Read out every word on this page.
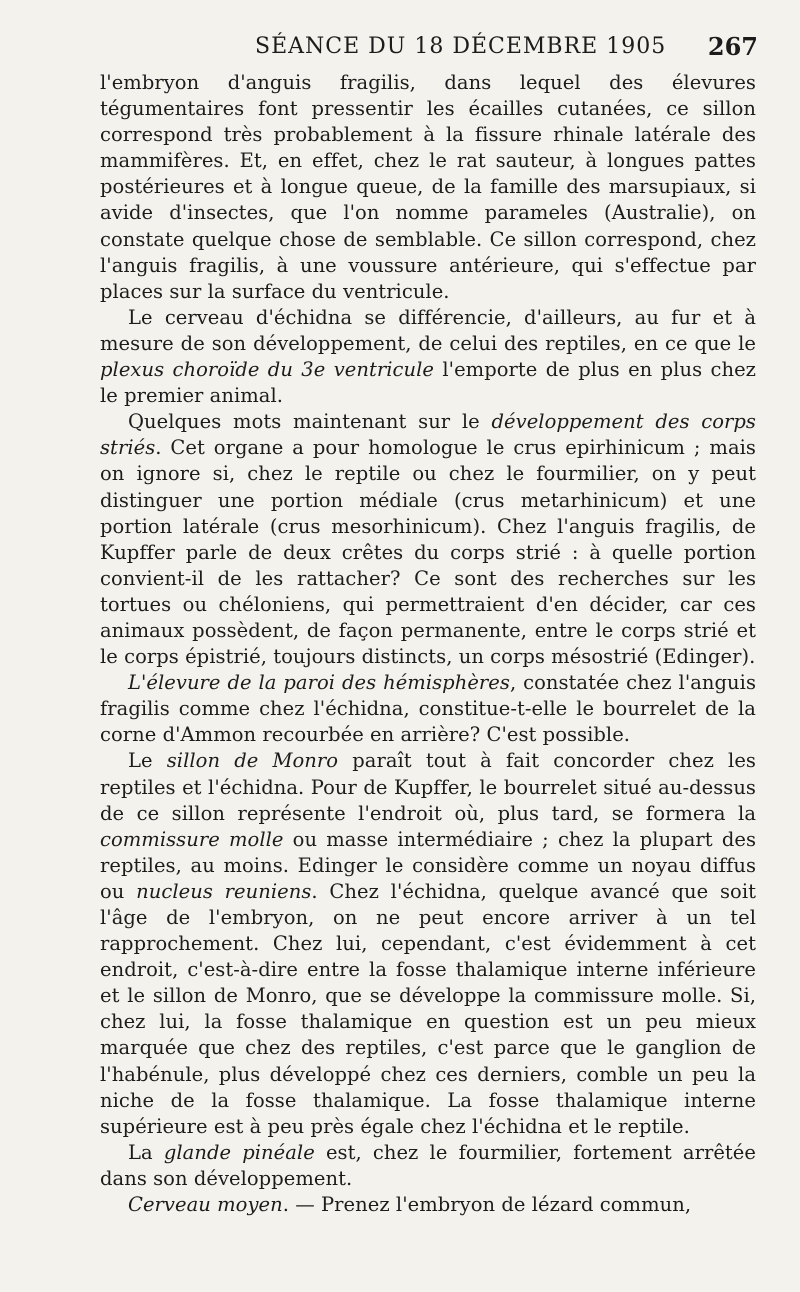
SÉANCE DU 18 DÉCEMBRE 1905 267

l'embryon d'anguis fragilis, dans lequel des élevures tégumentaires font pressentir les écailles cutanées, ce sillon correspond très probablement à la fissure rhinale latérale des mammifères. Et, en effet, chez le rat sauteur, à longues pattes postérieures et à longue queue, de la famille des marsupiaux, si avide d'insectes, que l'on nomme parameles (Australie), on constate quelque chose de semblable. Ce sillon correspond, chez l'anguis fragilis, à une voussure antérieure, qui s'effectue par places sur la surface du ventricule.

Le cerveau d'échidna se différencie, d'ailleurs, au fur et à mesure de son développement, de celui des reptiles, en ce que le plexus choroïde du 3e ventricule l'emporte de plus en plus chez le premier animal.

Quelques mots maintenant sur le développement des corps striés. Cet organe a pour homologue le crus epirhinicum ; mais on ignore si, chez le reptile ou chez le fourmilier, on y peut distinguer une portion médiale (crus metarhinicum) et une portion latérale (crus mesorhinicum). Chez l'anguis fragilis, de Kupffer parle de deux crêtes du corps strié : à quelle portion convient-il de les rattacher? Ce sont des recherches sur les tortues ou chéloniens, qui permettraient d'en décider, car ces animaux possèdent, de façon permanente, entre le corps strié et le corps épistrié, toujours distincts, un corps mésostrié (Edinger).

L'élevure de la paroi des hémisphères, constatée chez l'anguis fragilis comme chez l'échidna, constitue-t-elle le bourrelet de la corne d'Ammon recourbée en arrière? C'est possible.

Le sillon de Monro paraît tout à fait concorder chez les reptiles et l'échidna. Pour de Kupffer, le bourrelet situé au-dessus de ce sillon représente l'endroit où, plus tard, se formera la commissure molle ou masse intermédiaire ; chez la plupart des reptiles, au moins. Edinger le considère comme un noyau diffus ou nucleus reuniens. Chez l'échidna, quelque avancé que soit l'âge de l'embryon, on ne peut encore arriver à un tel rapprochement. Chez lui, cependant, c'est évidemment à cet endroit, c'est-à-dire entre la fosse thalamique interne inférieure et le sillon de Monro, que se développe la commissure molle. Si, chez lui, la fosse thalamique en question est un peu mieux marquée que chez des reptiles, c'est parce que le ganglion de l'habénule, plus développé chez ces derniers, comble un peu la niche de la fosse thalamique. La fosse thalamique interne supérieure est à peu près égale chez l'échidna et le reptile.

La glande pinéale est, chez le fourmilier, fortement arrêtée dans son développement.

Cerveau moyen. — Prenez l'embryon de lézard commun,
